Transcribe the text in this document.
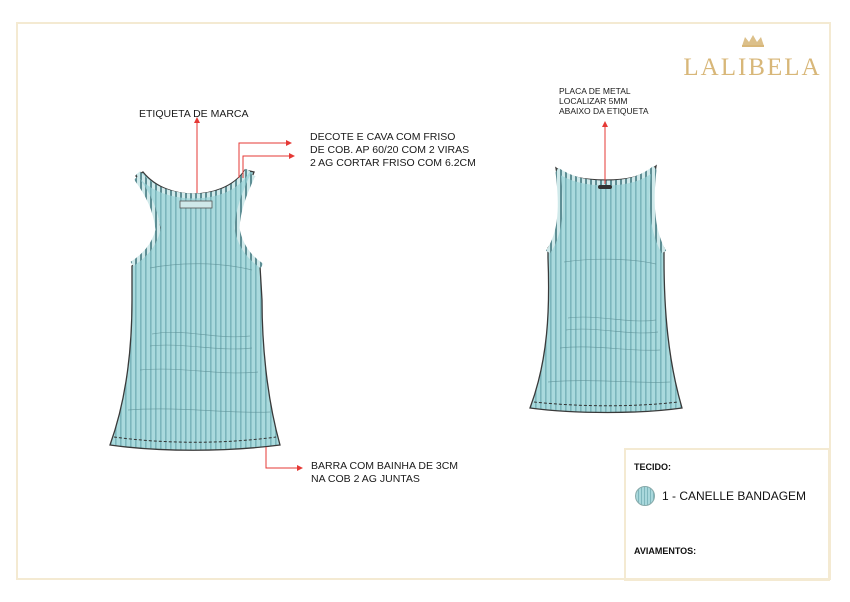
LALIBELA
ETIQUETA DE MARCA
DECOTE E CAVA COM FRISO
DE COB. AP 60/20 COM 2 VIRAS
2 AG CORTAR FRISO COM 6.2CM
BARRA COM BAINHA DE 3CM
NA COB 2 AG JUNTAS
PLACA DE METAL
LOCALIZAR 5MM
ABAIXO DA ETIQUETA
TECIDO:
1 - CANELLE BANDAGEM
AVIAMENTOS:
